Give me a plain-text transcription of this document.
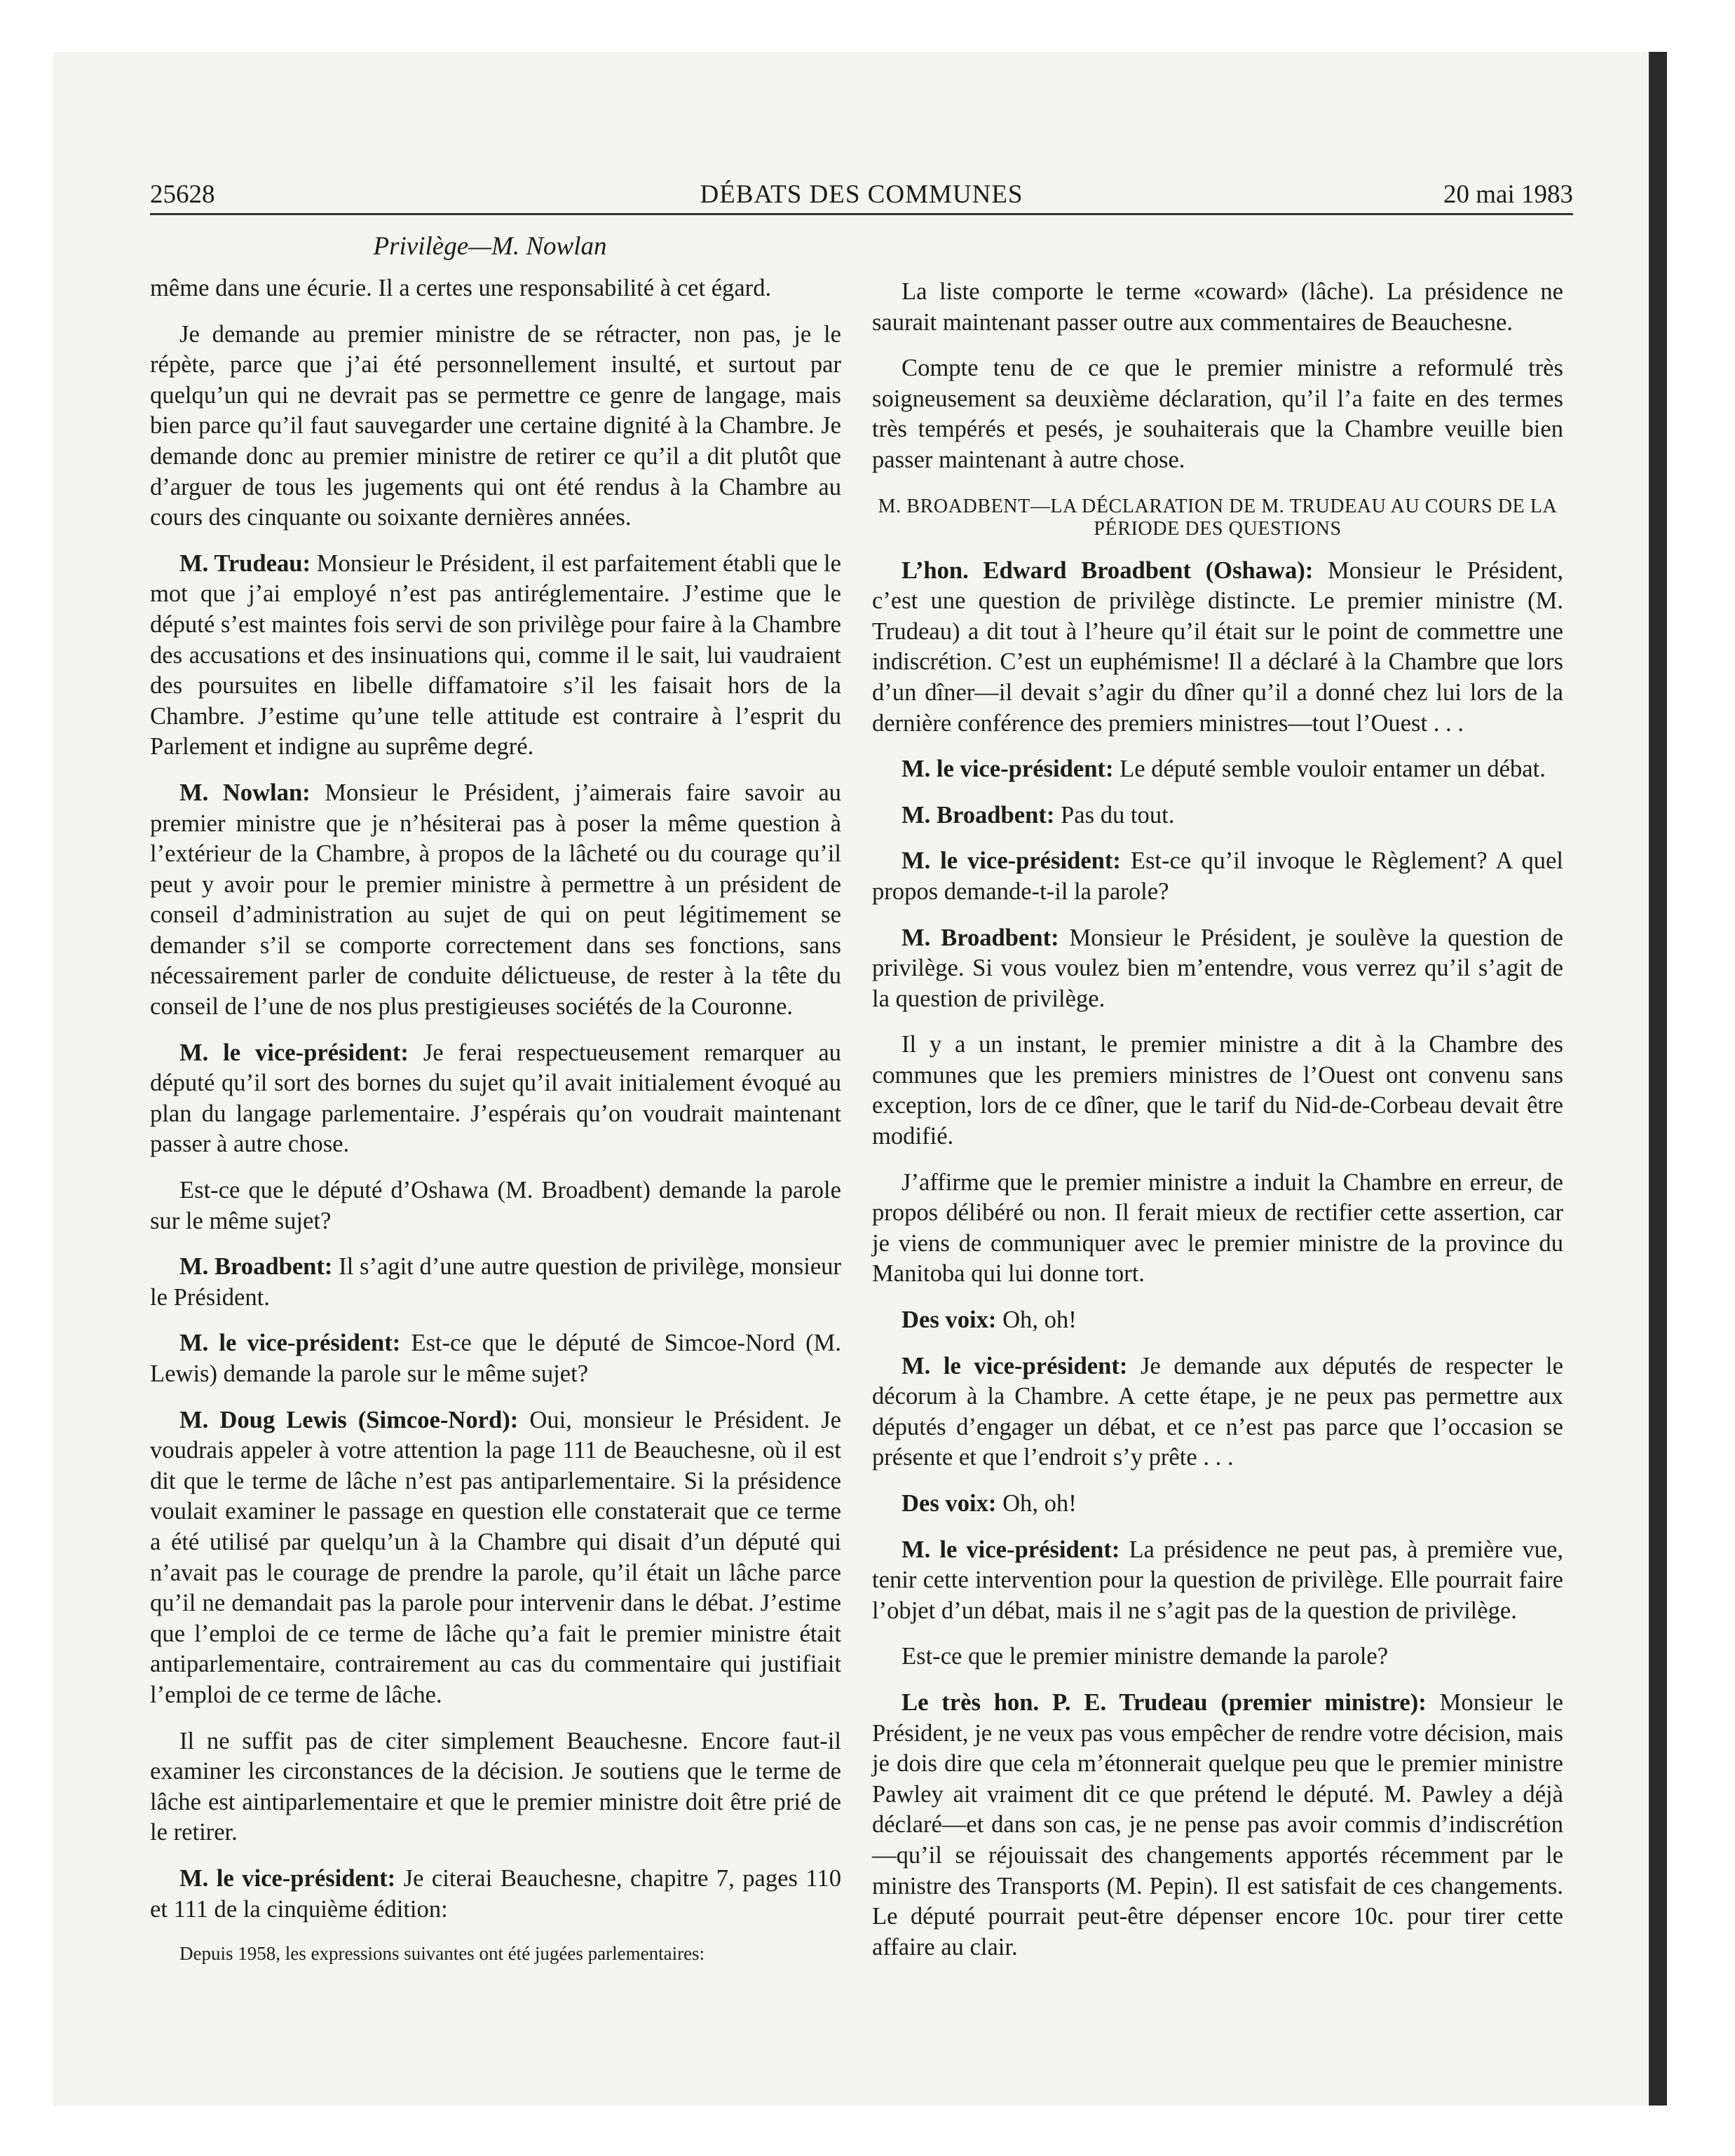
25628	DÉBATS DES COMMUNES	20 mai 1983
Privilège—M. Nowlan

même dans une écurie. Il a certes une responsabilité à cet égard.

Je demande au premier ministre de se rétracter, non pas, je le répète, parce que j’ai été personnellement insulté, et surtout par quelqu’un qui ne devrait pas se permettre ce genre de langage, mais bien parce qu’il faut sauvegarder une certaine dignité à la Chambre. Je demande donc au premier ministre de retirer ce qu’il a dit plutôt que d’arguer de tous les jugements qui ont été rendus à la Chambre au cours des cinquante ou soixante dernières années.

M. Trudeau: Monsieur le Président, il est parfaitement établi que le mot que j’ai employé n’est pas antiréglementaire. J’estime que le député s’est maintes fois servi de son privilège pour faire à la Chambre des accusations et des insinuations qui, comme il le sait, lui vaudraient des poursuites en libelle diffamatoire s’il les faisait hors de la Chambre. J’estime qu’une telle attitude est contraire à l’esprit du Parlement et indigne au suprême degré.

M. Nowlan: Monsieur le Président, j’aimerais faire savoir au premier ministre que je n’hésiterai pas à poser la même question à l’extérieur de la Chambre, à propos de la lâcheté ou du courage qu’il peut y avoir pour le premier ministre à permettre à un président de conseil d’administration au sujet de qui on peut légitimement se demander s’il se comporte correctement dans ses fonctions, sans nécessairement parler de conduite délictueuse, de rester à la tête du conseil de l’une de nos plus prestigieuses sociétés de la Couronne.

M. le vice-président: Je ferai respectueusement remarquer au député qu’il sort des bornes du sujet qu’il avait initialement évoqué au plan du langage parlementaire. J’espérais qu’on voudrait maintenant passer à autre chose.

Est-ce que le député d’Oshawa (M. Broadbent) demande la parole sur le même sujet?

M. Broadbent: Il s’agit d’une autre question de privilège, monsieur le Président.

M. le vice-président: Est-ce que le député de Simcoe-Nord (M. Lewis) demande la parole sur le même sujet?

M. Doug Lewis (Simcoe-Nord): Oui, monsieur le Président. Je voudrais appeler à votre attention la page 111 de Beauchesne, où il est dit que le terme de lâche n’est pas antiparlementaire. Si la présidence voulait examiner le passage en question elle constaterait que ce terme a été utilisé par quelqu’un à la Chambre qui disait d’un député qui n’avait pas le courage de prendre la parole, qu’il était un lâche parce qu’il ne demandait pas la parole pour intervenir dans le débat. J’estime que l’emploi de ce terme de lâche qu’a fait le premier ministre était antiparlementaire, contrairement au cas du commentaire qui justifiait l’emploi de ce terme de lâche.

Il ne suffit pas de citer simplement Beauchesne. Encore faut-il examiner les circonstances de la décision. Je soutiens que le terme de lâche est aintiparlementaire et que le premier ministre doit être prié de le retirer.

M. le vice-président: Je citerai Beauchesne, chapitre 7, pages 110 et 111 de la cinquième édition:

Depuis 1958, les expressions suivantes ont été jugées parlementaires:

La liste comporte le terme «coward» (lâche). La présidence ne saurait maintenant passer outre aux commentaires de Beauchesne.

Compte tenu de ce que le premier ministre a reformulé très soigneusement sa deuxième déclaration, qu’il l’a faite en des termes très tempérés et pesés, je souhaiterais que la Chambre veuille bien passer maintenant à autre chose.

M. BROADBENT—LA DÉCLARATION DE M. TRUDEAU AU COURS DE LA PÉRIODE DES QUESTIONS

L’hon. Edward Broadbent (Oshawa): Monsieur le Président, c’est une question de privilège distincte. Le premier ministre (M. Trudeau) a dit tout à l’heure qu’il était sur le point de commettre une indiscrétion. C’est un euphémisme! Il a déclaré à la Chambre que lors d’un dîner—il devait s’agir du dîner qu’il a donné chez lui lors de la dernière conférence des premiers ministres—tout l’Ouest . . .

M. le vice-président: Le député semble vouloir entamer un débat.

M. Broadbent: Pas du tout.

M. le vice-président: Est-ce qu’il invoque le Règlement? A quel propos demande-t-il la parole?

M. Broadbent: Monsieur le Président, je soulève la question de privilège. Si vous voulez bien m’entendre, vous verrez qu’il s’agit de la question de privilège.

Il y a un instant, le premier ministre a dit à la Chambre des communes que les premiers ministres de l’Ouest ont convenu sans exception, lors de ce dîner, que le tarif du Nid-de-Corbeau devait être modifié.

J’affirme que le premier ministre a induit la Chambre en erreur, de propos délibéré ou non. Il ferait mieux de rectifier cette assertion, car je viens de communiquer avec le premier ministre de la province du Manitoba qui lui donne tort.

Des voix: Oh, oh!

M. le vice-président: Je demande aux députés de respecter le décorum à la Chambre. A cette étape, je ne peux pas permettre aux députés d’engager un débat, et ce n’est pas parce que l’occasion se présente et que l’endroit s’y prête . . .

Des voix: Oh, oh!

M. le vice-président: La présidence ne peut pas, à première vue, tenir cette intervention pour la question de privilège. Elle pourrait faire l’objet d’un débat, mais il ne s’agit pas de la question de privilège.

Est-ce que le premier ministre demande la parole?

Le très hon. P. E. Trudeau (premier ministre): Monsieur le Président, je ne veux pas vous empêcher de rendre votre décision, mais je dois dire que cela m’étonnerait quelque peu que le premier ministre Pawley ait vraiment dit ce que prétend le député. M. Pawley a déjà déclaré—et dans son cas, je ne pense pas avoir commis d’indiscrétion—qu’il se réjouissait des changements apportés récemment par le ministre des Transports (M. Pepin). Il est satisfait de ces changements. Le député pourrait peut-être dépenser encore 10c. pour tirer cette affaire au clair.
